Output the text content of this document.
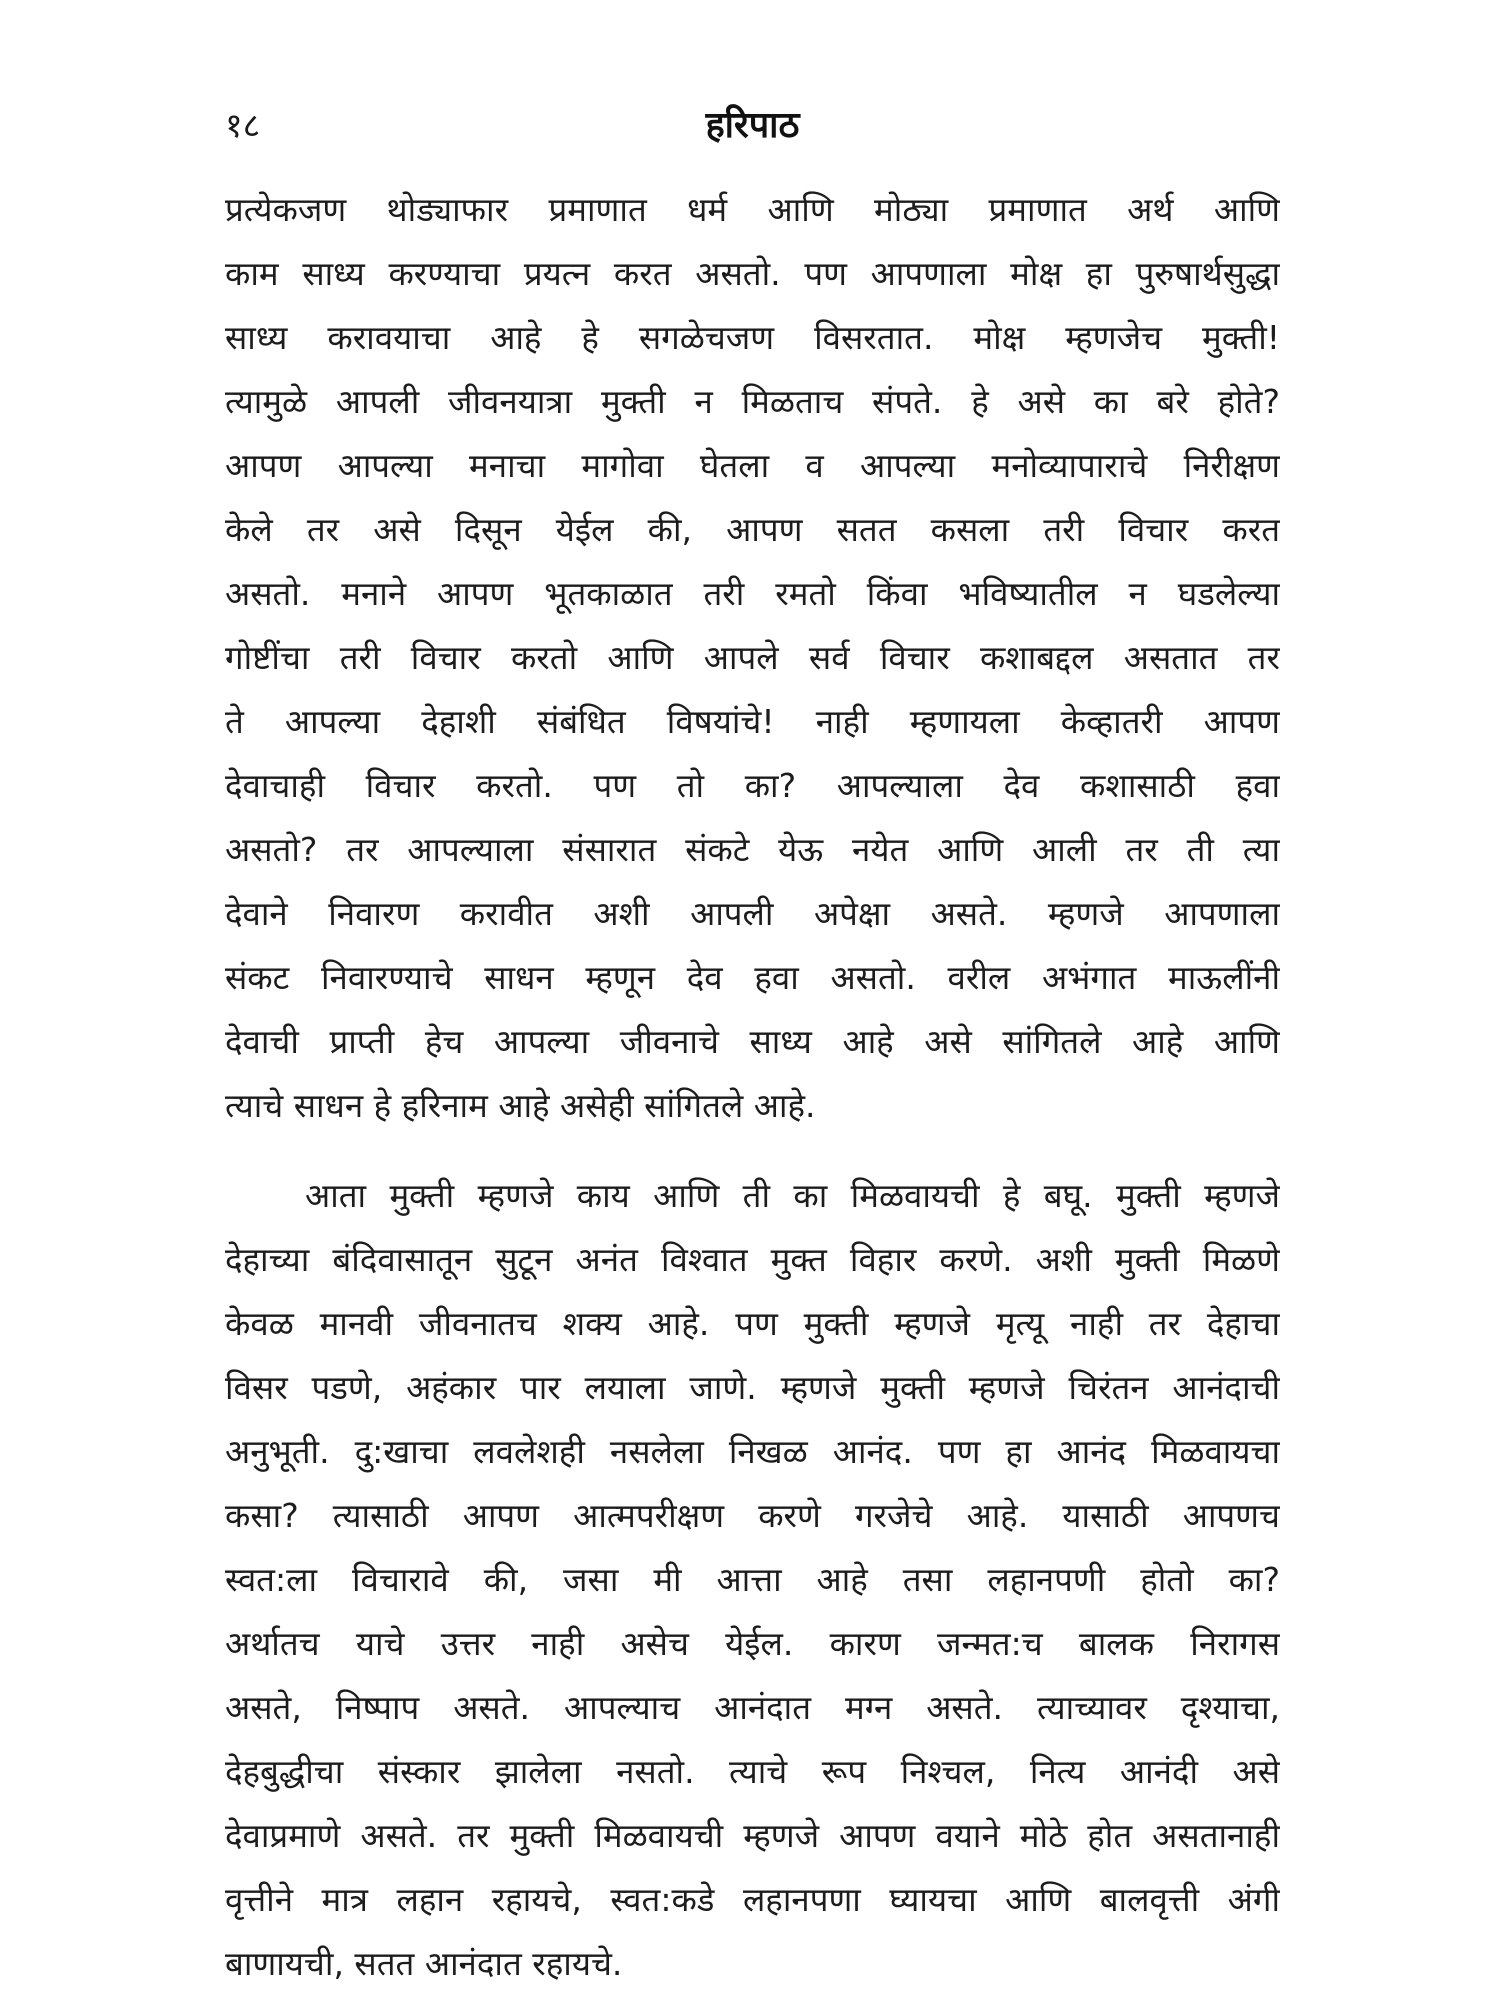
१८	हरिपाठ
प्रत्येकजण थोड्याफार प्रमाणात धर्म आणि मोठ्या प्रमाणात अर्थ आणि
काम साध्य करण्याचा प्रयत्न करत असतो. पण आपणाला मोक्ष हा पुरुषार्थसुद्धा
साध्य करावयाचा आहे हे सगळेचजण विसरतात. मोक्ष म्हणजेच मुक्ती!
त्यामुळे आपली जीवनयात्रा मुक्ती न मिळताच संपते. हे असे का बरे होते?
आपण आपल्या मनाचा मागोवा घेतला व आपल्या मनोव्यापाराचे निरीक्षण
केले तर असे दिसून येईल की, आपण सतत कसला तरी विचार करत
असतो. मनाने आपण भूतकाळात तरी रमतो किंवा भविष्यातील न घडलेल्या
गोष्टींचा तरी विचार करतो आणि आपले सर्व विचार कशाबद्दल असतात तर
ते आपल्या देहाशी संबंधित विषयांचे! नाही म्हणायला केव्हातरी आपण
देवाचाही विचार करतो. पण तो का? आपल्याला देव कशासाठी हवा
असतो? तर आपल्याला संसारात संकटे येऊ नयेत आणि आली तर ती त्या
देवाने निवारण करावीत अशी आपली अपेक्षा असते. म्हणजे आपणाला
संकट निवारण्याचे साधन म्हणून देव हवा असतो. वरील अभंगात माऊलींनी
देवाची प्राप्ती हेच आपल्या जीवनाचे साध्य आहे असे सांगितले आहे आणि
त्याचे साधन हे हरिनाम आहे असेही सांगितले आहे.
आता मुक्ती म्हणजे काय आणि ती का मिळवायची हे बघू. मुक्ती म्हणजे
देहाच्या बंदिवासातून सुटून अनंत विश्वात मुक्त विहार करणे. अशी मुक्ती मिळणे
केवळ मानवी जीवनातच शक्य आहे. पण मुक्ती म्हणजे मृत्यू नाही तर देहाचा
विसर पडणे, अहंकार पार लयाला जाणे. म्हणजे मुक्ती म्हणजे चिरंतन आनंदाची
अनुभूती. दु:खाचा लवलेशही नसलेला निखळ आनंद. पण हा आनंद मिळवायचा
कसा? त्यासाठी आपण आत्मपरीक्षण करणे गरजेचे आहे. यासाठी आपणच
स्वत:ला विचारावे की, जसा मी आत्ता आहे तसा लहानपणी होतो का?
अर्थातच याचे उत्तर नाही असेच येईल. कारण जन्मत:च बालक निरागस
असते, निष्पाप असते. आपल्याच आनंदात मग्न असते. त्याच्यावर दृश्याचा,
देहबुद्धीचा संस्कार झालेला नसतो. त्याचे रूप निश्चल, नित्य आनंदी असे
देवाप्रमाणे असते. तर मुक्ती मिळवायची म्हणजे आपण वयाने मोठे होत असतानाही
वृत्तीने मात्र लहान रहायचे, स्वत:कडे लहानपणा घ्यायचा आणि बालवृत्ती अंगी
बाणायची, सतत आनंदात रहायचे.
